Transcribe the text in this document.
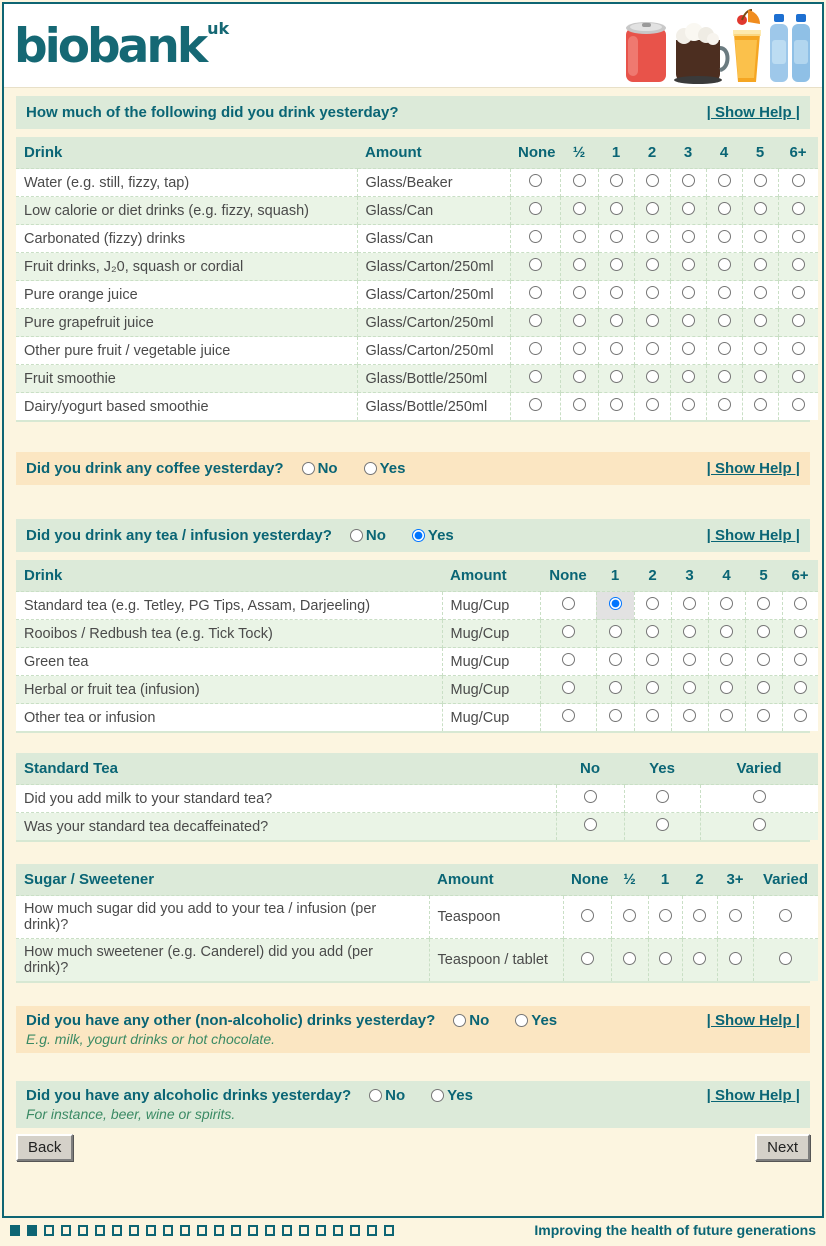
biobank $^{uk}$
How much of the following did you drink yesterday?	| Show Help |
Drink	Amount	None	½	1	2	3	4	5	6+
Water (e.g. still, fizzy, tap)	Glass/Beaker								
Low calorie or diet drinks (e.g. fizzy, squash)	Glass/Can								
Carbonated (fizzy) drinks	Glass/Can								
Fruit drinks, J₂0, squash or cordial	Glass/Carton/250ml								
Pure orange juice	Glass/Carton/250ml								
Pure grapefruit juice	Glass/Carton/250ml								
Other pure fruit / vegetable juice	Glass/Carton/250ml								
Fruit smoothie	Glass/Bottle/250ml								
Dairy/yogurt based smoothie	Glass/Bottle/250ml								
Did you drink any coffee yesterday? No	Yes	| Show Help |
Did you drink any tea / infusion yesterday? No	Yes	| Show Help |
Drink	Amount	None	1	2	3	4	5	6+
Standard tea (e.g. Tetley, PG Tips, Assam, Darjeeling)	Mug/Cup							
Rooibos / Redbush tea (e.g. Tick Tock)	Mug/Cup							
Green tea	Mug/Cup							
Herbal or fruit tea (infusion)	Mug/Cup							
Other tea or infusion	Mug/Cup							
Standard Tea	No	Yes	Varied
Did you add milk to your standard tea?			
Was your standard tea decaffeinated?			
Sugar / Sweetener	Amount	None	½	1	2	3+	Varied
How much sugar did you add to your tea / infusion (per drink)?	Teaspoon						
How much sweetener (e.g. Canderel) did you add (per drink)?	Teaspoon / tablet						
Did you have any other (non-alcoholic) drinks yesterday? No	Yes	| Show Help |
E.g. milk, yogurt drinks or hot chocolate.
Did you have any alcoholic drinks yesterday? No	Yes	| Show Help |
For instance, beer, wine or spirits.
Back	Next
Improving the health of future generations
